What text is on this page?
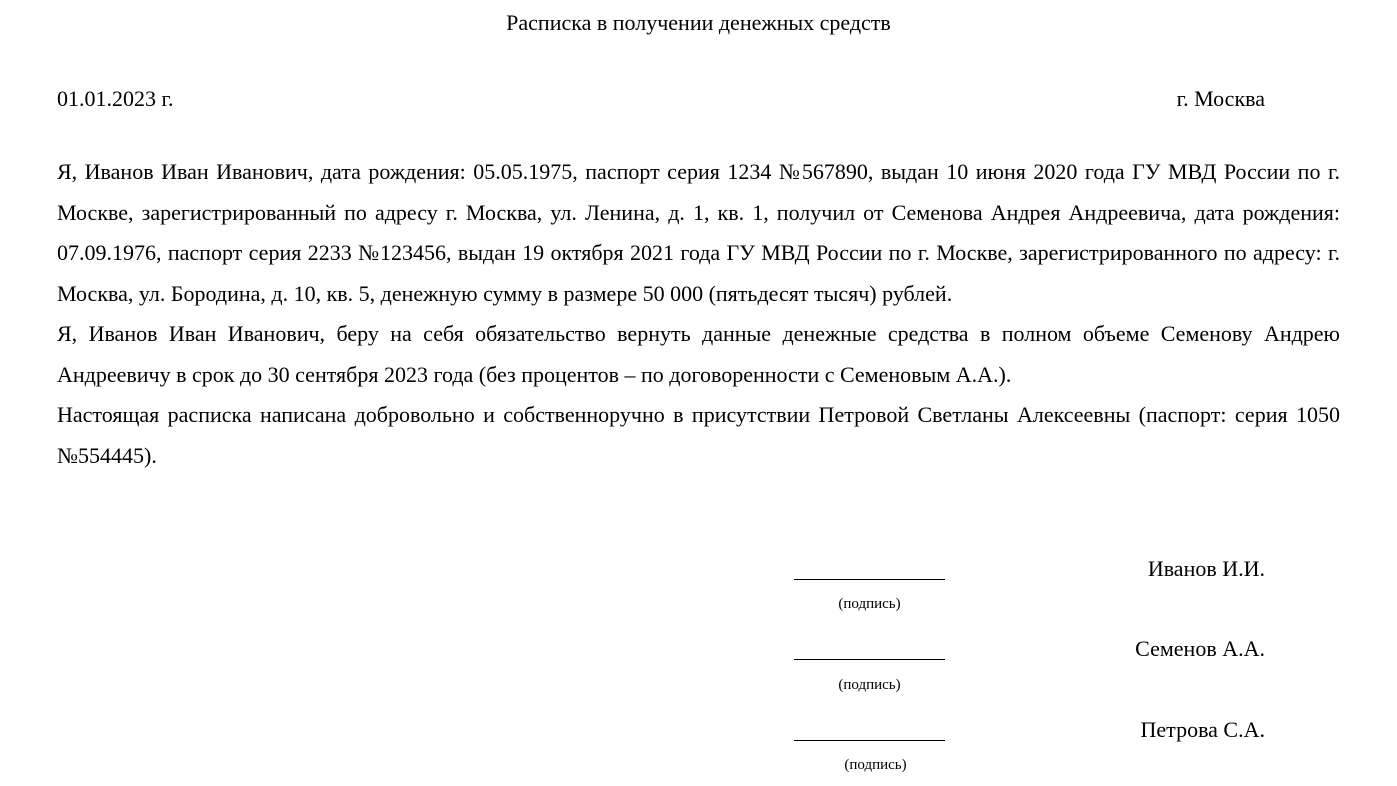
Расписка в получении денежных средств
01.01.2023 г.	г. Москва

Я, Иванов Иван Иванович, дата рождения: 05.05.1975, паспорт серия 1234 №567890, выдан 10 июня 2020 года ГУ МВД России по г. Москве, зарегистрированный по адресу г. Москва, ул. Ленина, д. 1, кв. 1, получил от Семенова Андрея Андреевича, дата рождения: 07.09.1976, паспорт серия 2233 №123456, выдан 19 октября 2021 года ГУ МВД России по г. Москве, зарегистрированного по адресу: г. Москва, ул. Бородина, д. 10, кв. 5, денежную сумму в размере 50 000 (пятьдесят тысяч) рублей.

Я, Иванов Иван Иванович, беру на себя обязательство вернуть данные денежные средства в полном объеме Семенову Андрею Андреевичу в срок до 30 сентября 2023 года (без процентов – по договоренности с Семеновым А.А.).

Настоящая расписка написана добровольно и собственноручно в присутствии Петровой Светланы Алексеевны (паспорт: серия 1050 №554445).

(подпись)
Иванов И.И.
(подпись)
Семенов А.А.
(подпись)
Петрова С.А.
